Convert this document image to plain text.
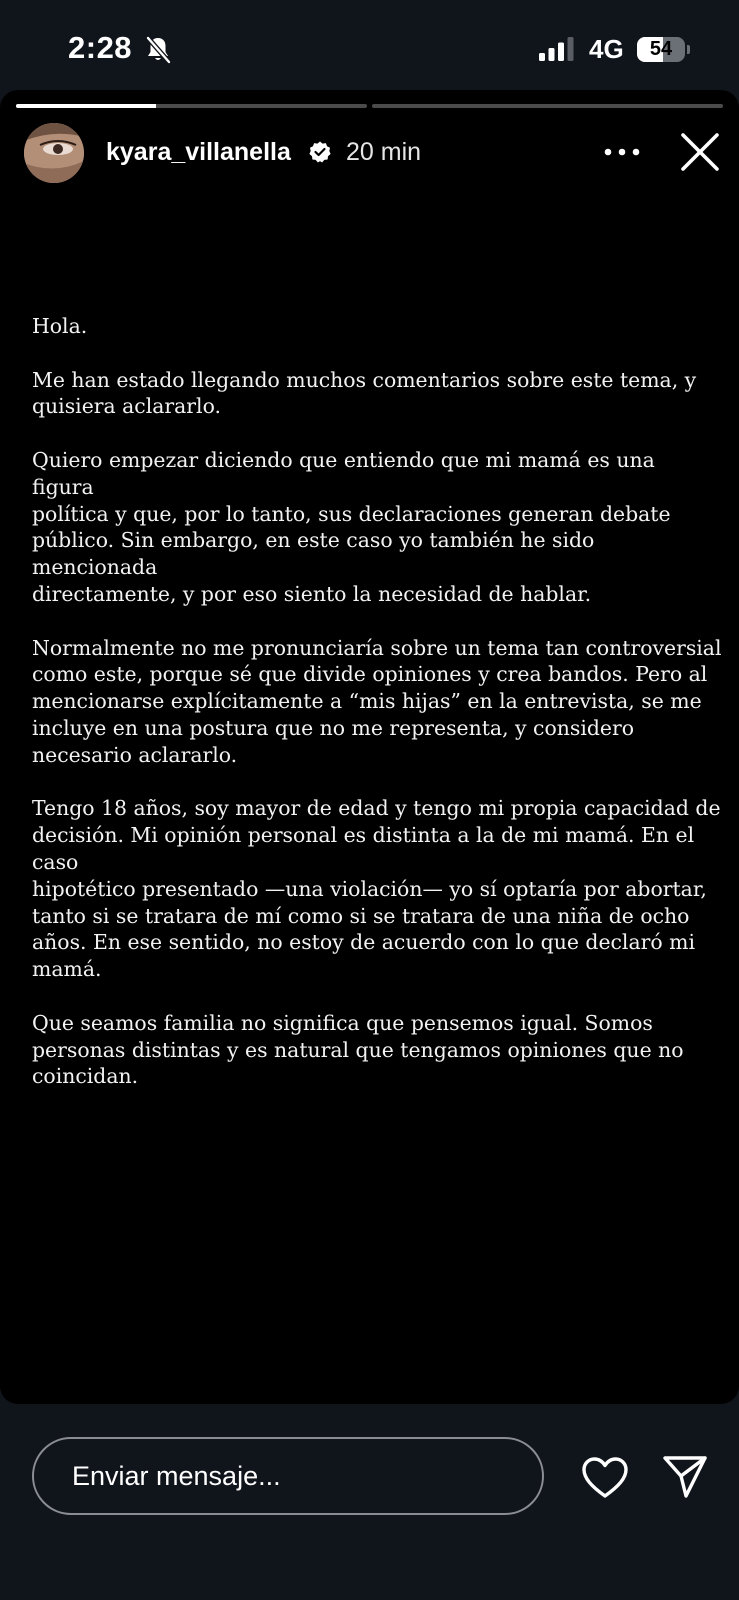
2:28	4G	54
kyara_villanella 20 min

Hola.

Me han estado llegando muchos comentarios sobre este tema, y
quisiera aclararlo.

Quiero empezar diciendo que entiendo que mi mamá es una figura
política y que, por lo tanto, sus declaraciones generan debate
público. Sin embargo, en este caso yo también he sido mencionada
directamente, y por eso siento la necesidad de hablar.

Normalmente no me pronunciaría sobre un tema tan controversial
como este, porque sé que divide opiniones y crea bandos. Pero al
mencionarse explícitamente a “mis hijas” en la entrevista, se me
incluye en una postura que no me representa, y considero
necesario aclararlo.

Tengo 18 años, soy mayor de edad y tengo mi propia capacidad de
decisión. Mi opinión personal es distinta a la de mi mamá. En el caso
hipotético presentado —una violación— yo sí optaría por abortar,
tanto si se tratara de mí como si se tratara de una niña de ocho
años. En ese sentido, no estoy de acuerdo con lo que declaró mi
mamá.

Que seamos familia no significa que pensemos igual. Somos
personas distintas y es natural que tengamos opiniones que no
coincidan.

Enviar mensaje...
